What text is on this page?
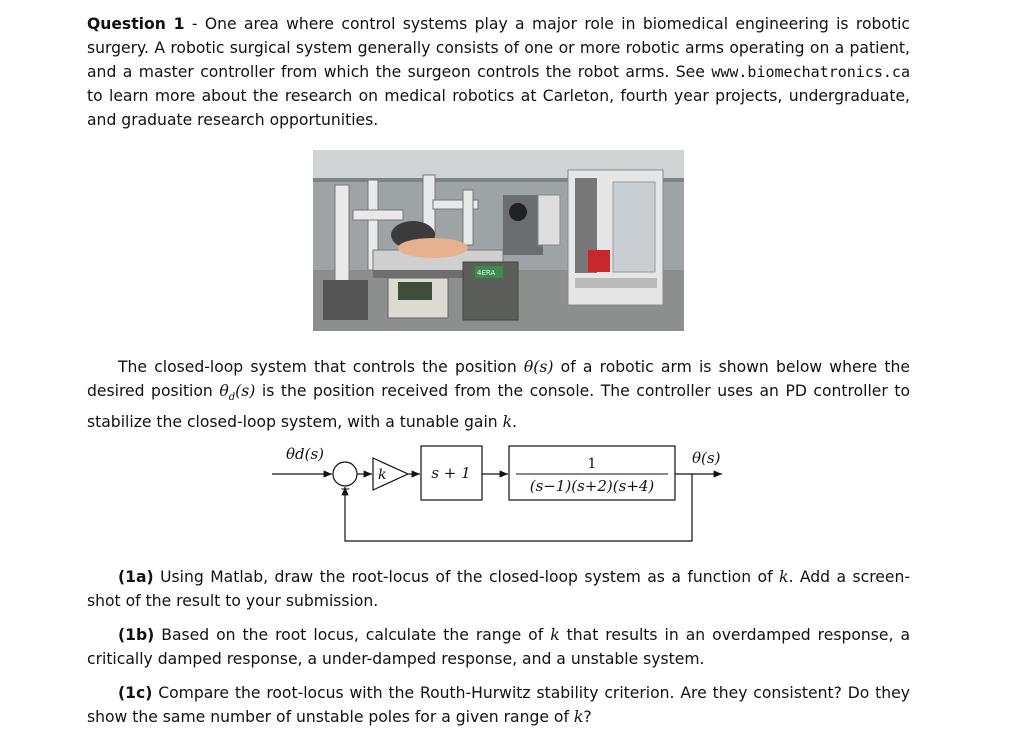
Question 1 - One area where control systems play a major role in biomedical engineering is robotic surgery. A robotic surgical system generally consists of one or more robotic arms operating on a patient, and a master controller from which the surgeon controls the robot arms. See www.biomechatronics.ca to learn more about the research on medical robotics at Carleton, fourth year projects, undergraduate, and graduate research opportunities.

4ERA

The closed-loop system that controls the position θ(s) of a robotic arm is shown below where the desired position $\theta_d(s)$ is the position received from the console. The controller uses an PD controller to stabilize the closed-loop system, with a tunable gain k.

θd(s)	θ(s)
−
k	s + 1	1
(s−1)(s+2)(s+4)

(1a) Using Matlab, draw the root-locus of the closed-loop system as a function of k. Add a screen-shot of the result to your submission.

(1b) Based on the root locus, calculate the range of k that results in an overdamped response, a critically damped response, a under-damped response, and a unstable system.

(1c) Compare the root-locus with the Routh-Hurwitz stability criterion. Are they consistent? Do they show the same number of unstable poles for a given range of k?
